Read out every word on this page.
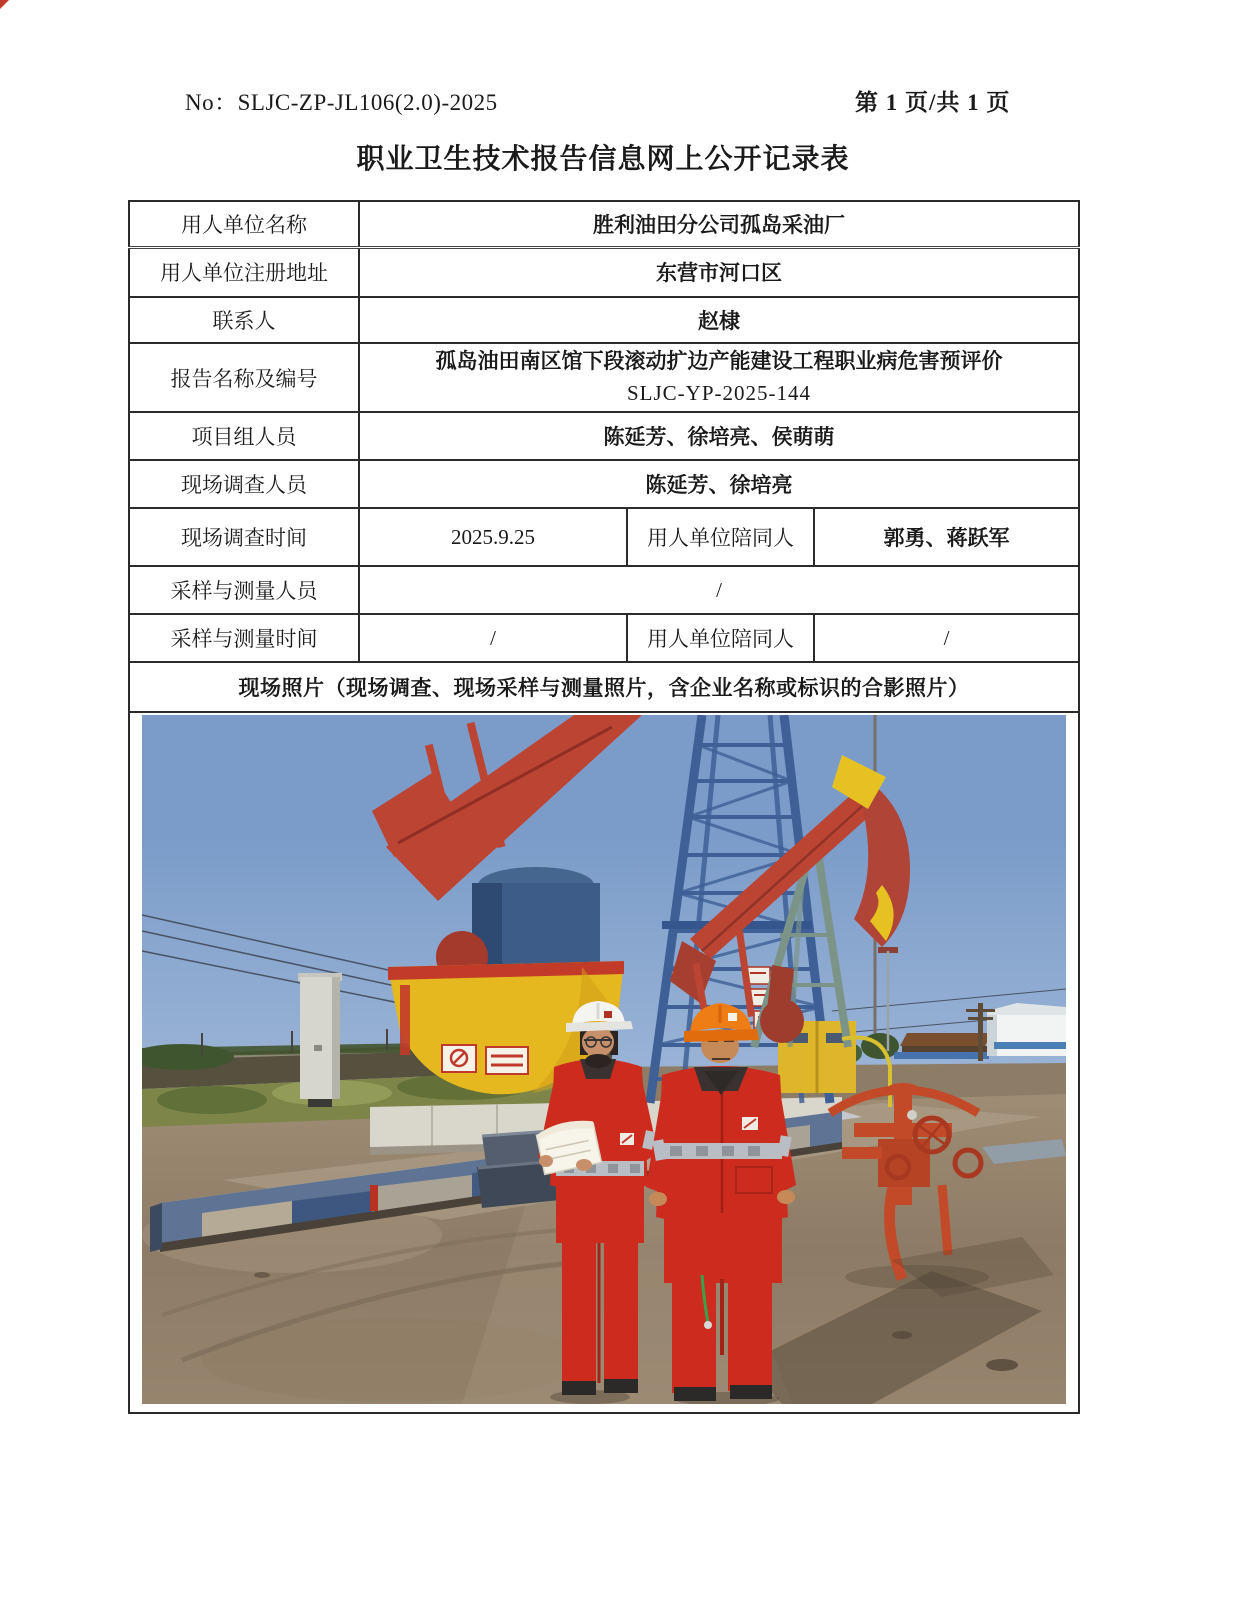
No：SLJC-ZP-JL106(2.0)-2025	第 1 页/共 1 页
职业卫生技术报告信息网上公开记录表
用人单位名称	胜利油田分公司孤岛采油厂		
用人单位注册地址	东营市河口区		
联系人	赵棣		
报告名称及编号	孤岛油田南区馆下段滚动扩边产能建设工程职业病危害预评价
SLJC-YP-2025-144		

项目组人员	陈延芳、徐培亮、侯萌萌		
现场调查人员	陈延芳、徐培亮		
现场调查时间	2025.9.25	用人单位陪同人	郭勇、蒋跃军
采样与测量人员	/		
采样与测量时间	/	用人单位陪同人	/
现场照片（现场调查、现场采样与测量照片，含企业名称或标识的合影照片）			
